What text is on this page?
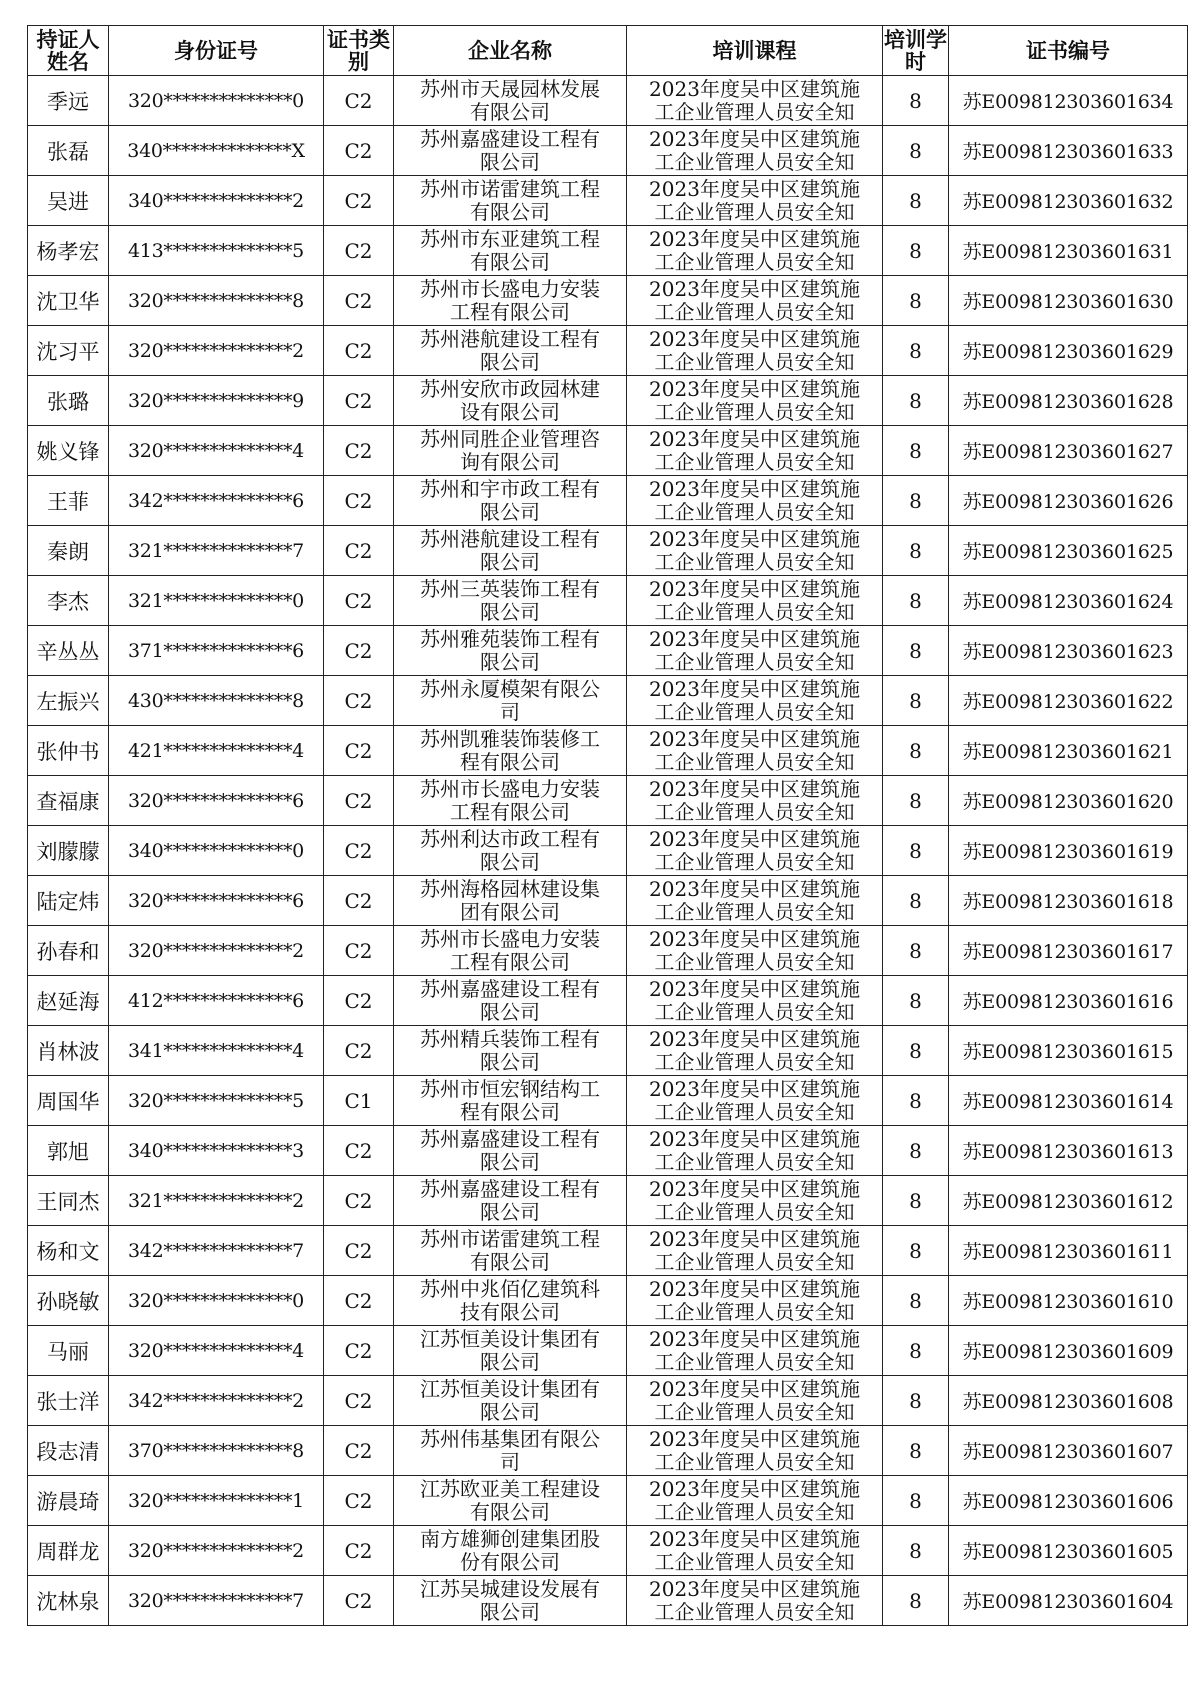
持证人姓名	身份证号	证书类别	企业名称	培训课程	培训学时	证书编号
季远	320**************0	C2	苏州市天晟园林发展有限公司	2023年度吴中区建筑施工企业管理人员安全知	8	苏E009812303601634
张磊	340**************X	C2	苏州嘉盛建设工程有限公司	2023年度吴中区建筑施工企业管理人员安全知	8	苏E009812303601633
吴进	340**************2	C2	苏州市诺雷建筑工程有限公司	2023年度吴中区建筑施工企业管理人员安全知	8	苏E009812303601632
杨孝宏	413**************5	C2	苏州市东亚建筑工程有限公司	2023年度吴中区建筑施工企业管理人员安全知	8	苏E009812303601631
沈卫华	320**************8	C2	苏州市长盛电力安装工程有限公司	2023年度吴中区建筑施工企业管理人员安全知	8	苏E009812303601630
沈习平	320**************2	C2	苏州港航建设工程有限公司	2023年度吴中区建筑施工企业管理人员安全知	8	苏E009812303601629
张璐	320**************9	C2	苏州安欣市政园林建设有限公司	2023年度吴中区建筑施工企业管理人员安全知	8	苏E009812303601628
姚义锋	320**************4	C2	苏州同胜企业管理咨询有限公司	2023年度吴中区建筑施工企业管理人员安全知	8	苏E009812303601627
王菲	342**************6	C2	苏州和宇市政工程有限公司	2023年度吴中区建筑施工企业管理人员安全知	8	苏E009812303601626
秦朗	321**************7	C2	苏州港航建设工程有限公司	2023年度吴中区建筑施工企业管理人员安全知	8	苏E009812303601625
李杰	321**************0	C2	苏州三英装饰工程有限公司	2023年度吴中区建筑施工企业管理人员安全知	8	苏E009812303601624
辛丛丛	371**************6	C2	苏州雅苑装饰工程有限公司	2023年度吴中区建筑施工企业管理人员安全知	8	苏E009812303601623
左振兴	430**************8	C2	苏州永厦模架有限公司	2023年度吴中区建筑施工企业管理人员安全知	8	苏E009812303601622
张仲书	421**************4	C2	苏州凯雅装饰装修工程有限公司	2023年度吴中区建筑施工企业管理人员安全知	8	苏E009812303601621
查福康	320**************6	C2	苏州市长盛电力安装工程有限公司	2023年度吴中区建筑施工企业管理人员安全知	8	苏E009812303601620
刘朦朦	340**************0	C2	苏州利达市政工程有限公司	2023年度吴中区建筑施工企业管理人员安全知	8	苏E009812303601619
陆定炜	320**************6	C2	苏州海格园林建设集团有限公司	2023年度吴中区建筑施工企业管理人员安全知	8	苏E009812303601618
孙春和	320**************2	C2	苏州市长盛电力安装工程有限公司	2023年度吴中区建筑施工企业管理人员安全知	8	苏E009812303601617
赵延海	412**************6	C2	苏州嘉盛建设工程有限公司	2023年度吴中区建筑施工企业管理人员安全知	8	苏E009812303601616
肖林波	341**************4	C2	苏州精兵装饰工程有限公司	2023年度吴中区建筑施工企业管理人员安全知	8	苏E009812303601615
周国华	320**************5	C1	苏州市恒宏钢结构工程有限公司	2023年度吴中区建筑施工企业管理人员安全知	8	苏E009812303601614
郭旭	340**************3	C2	苏州嘉盛建设工程有限公司	2023年度吴中区建筑施工企业管理人员安全知	8	苏E009812303601613
王同杰	321**************2	C2	苏州嘉盛建设工程有限公司	2023年度吴中区建筑施工企业管理人员安全知	8	苏E009812303601612
杨和文	342**************7	C2	苏州市诺雷建筑工程有限公司	2023年度吴中区建筑施工企业管理人员安全知	8	苏E009812303601611
孙晓敏	320**************0	C2	苏州中兆佰亿建筑科技有限公司	2023年度吴中区建筑施工企业管理人员安全知	8	苏E009812303601610
马丽	320**************4	C2	江苏恒美设计集团有限公司	2023年度吴中区建筑施工企业管理人员安全知	8	苏E009812303601609
张士洋	342**************2	C2	江苏恒美设计集团有限公司	2023年度吴中区建筑施工企业管理人员安全知	8	苏E009812303601608
段志清	370**************8	C2	苏州伟基集团有限公司	2023年度吴中区建筑施工企业管理人员安全知	8	苏E009812303601607
游晨琦	320**************1	C2	江苏欧亚美工程建设有限公司	2023年度吴中区建筑施工企业管理人员安全知	8	苏E009812303601606
周群龙	320**************2	C2	南方雄狮创建集团股份有限公司	2023年度吴中区建筑施工企业管理人员安全知	8	苏E009812303601605
沈林泉	320**************7	C2	江苏吴城建设发展有限公司	2023年度吴中区建筑施工企业管理人员安全知	8	苏E009812303601604
